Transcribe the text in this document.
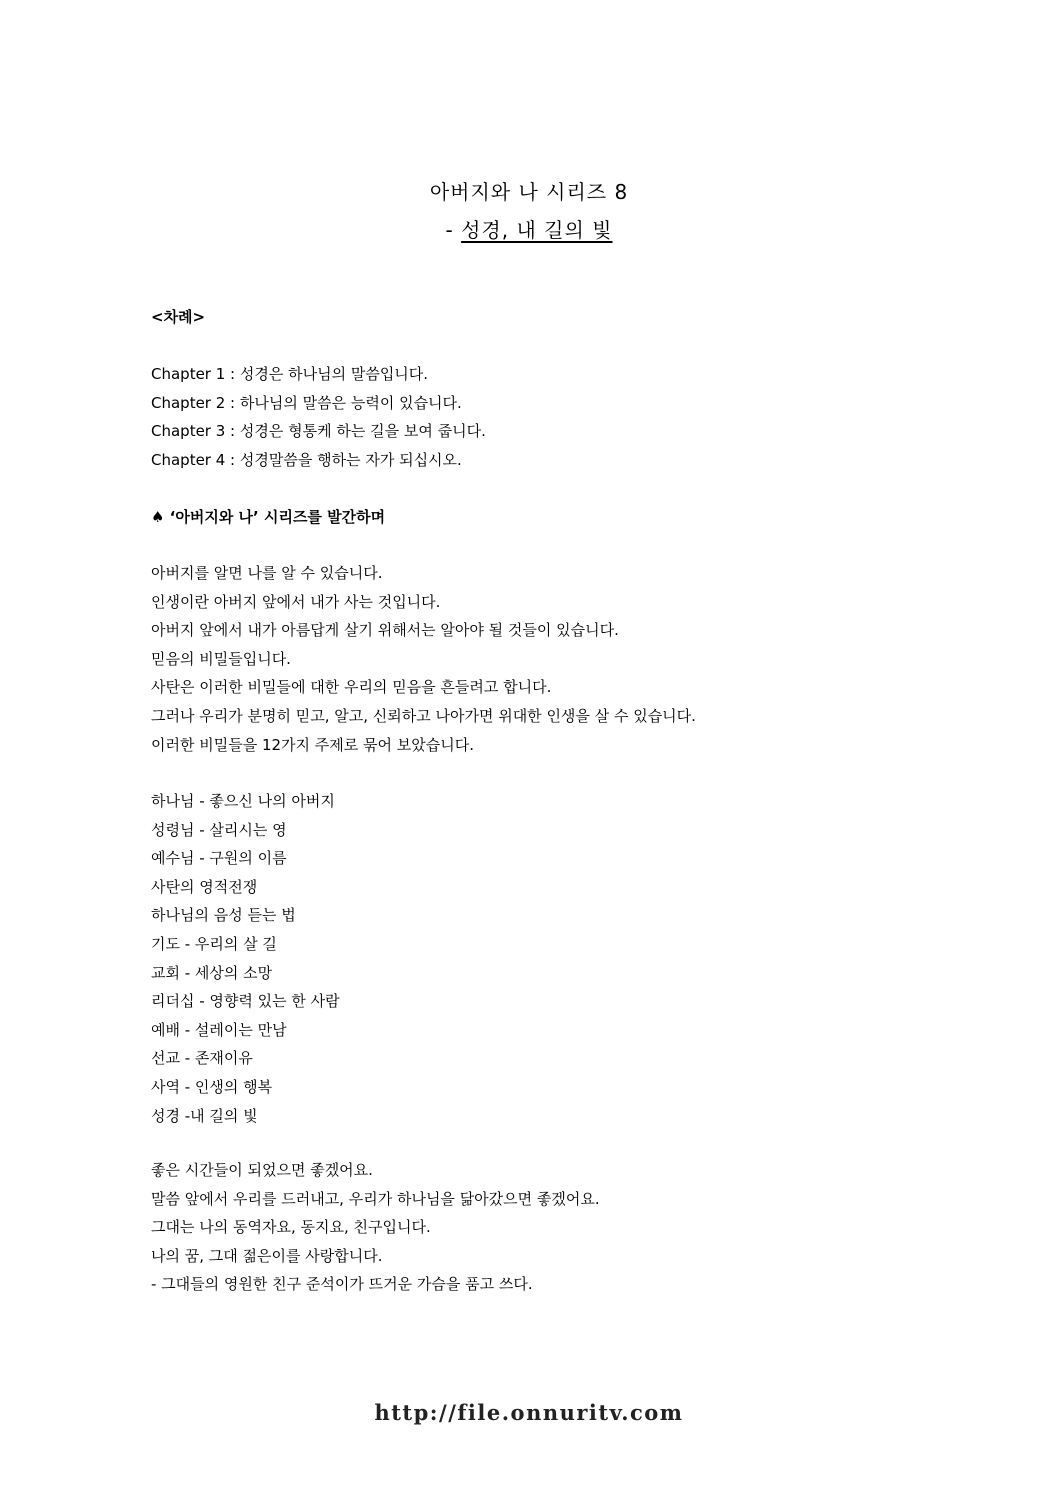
아버지와 나 시리즈 8
- 성경, 내 길의 빛
<차례>
Chapter 1 : 성경은 하나님의 말씀입니다.
Chapter 2 : 하나님의 말씀은 능력이 있습니다.
Chapter 3 : 성경은 형통케 하는 길을 보여 줍니다.
Chapter 4 : 성경말씀을 행하는 자가 되십시오.
♠ ‘아버지와 나’ 시리즈를 발간하며
아버지를 알면 나를 알 수 있습니다.
인생이란 아버지 앞에서 내가 사는 것입니다.
아버지 앞에서 내가 아름답게 살기 위해서는 알아야 될 것들이 있습니다.
믿음의 비밀들입니다.
사탄은 이러한 비밀들에 대한 우리의 믿음을 흔들려고 합니다.
그러나 우리가 분명히 믿고, 알고, 신뢰하고 나아가면 위대한 인생을 살 수 있습니다.
이러한 비밀들을 12가지 주제로 묶어 보았습니다.
하나님 - 좋으신 나의 아버지
성령님 - 살리시는 영
예수님 - 구원의 이름
사탄의 영적전쟁
하나님의 음성 듣는 법
기도 - 우리의 살 길
교회 - 세상의 소망
리더십 - 영향력 있는 한 사람
예배 - 설레이는 만남
선교 - 존재이유
사역 - 인생의 행복
성경 -내 길의 빛
좋은 시간들이 되었으면 좋겠어요.
말씀 앞에서 우리를 드러내고, 우리가 하나님을 닮아갔으면 좋겠어요.
그대는 나의 동역자요, 동지요, 친구입니다.
나의 꿈, 그대 젊은이를 사랑합니다.
- 그대들의 영원한 친구 준석이가 뜨거운 가슴을 품고 쓰다.
http://file.onnuritv.com
